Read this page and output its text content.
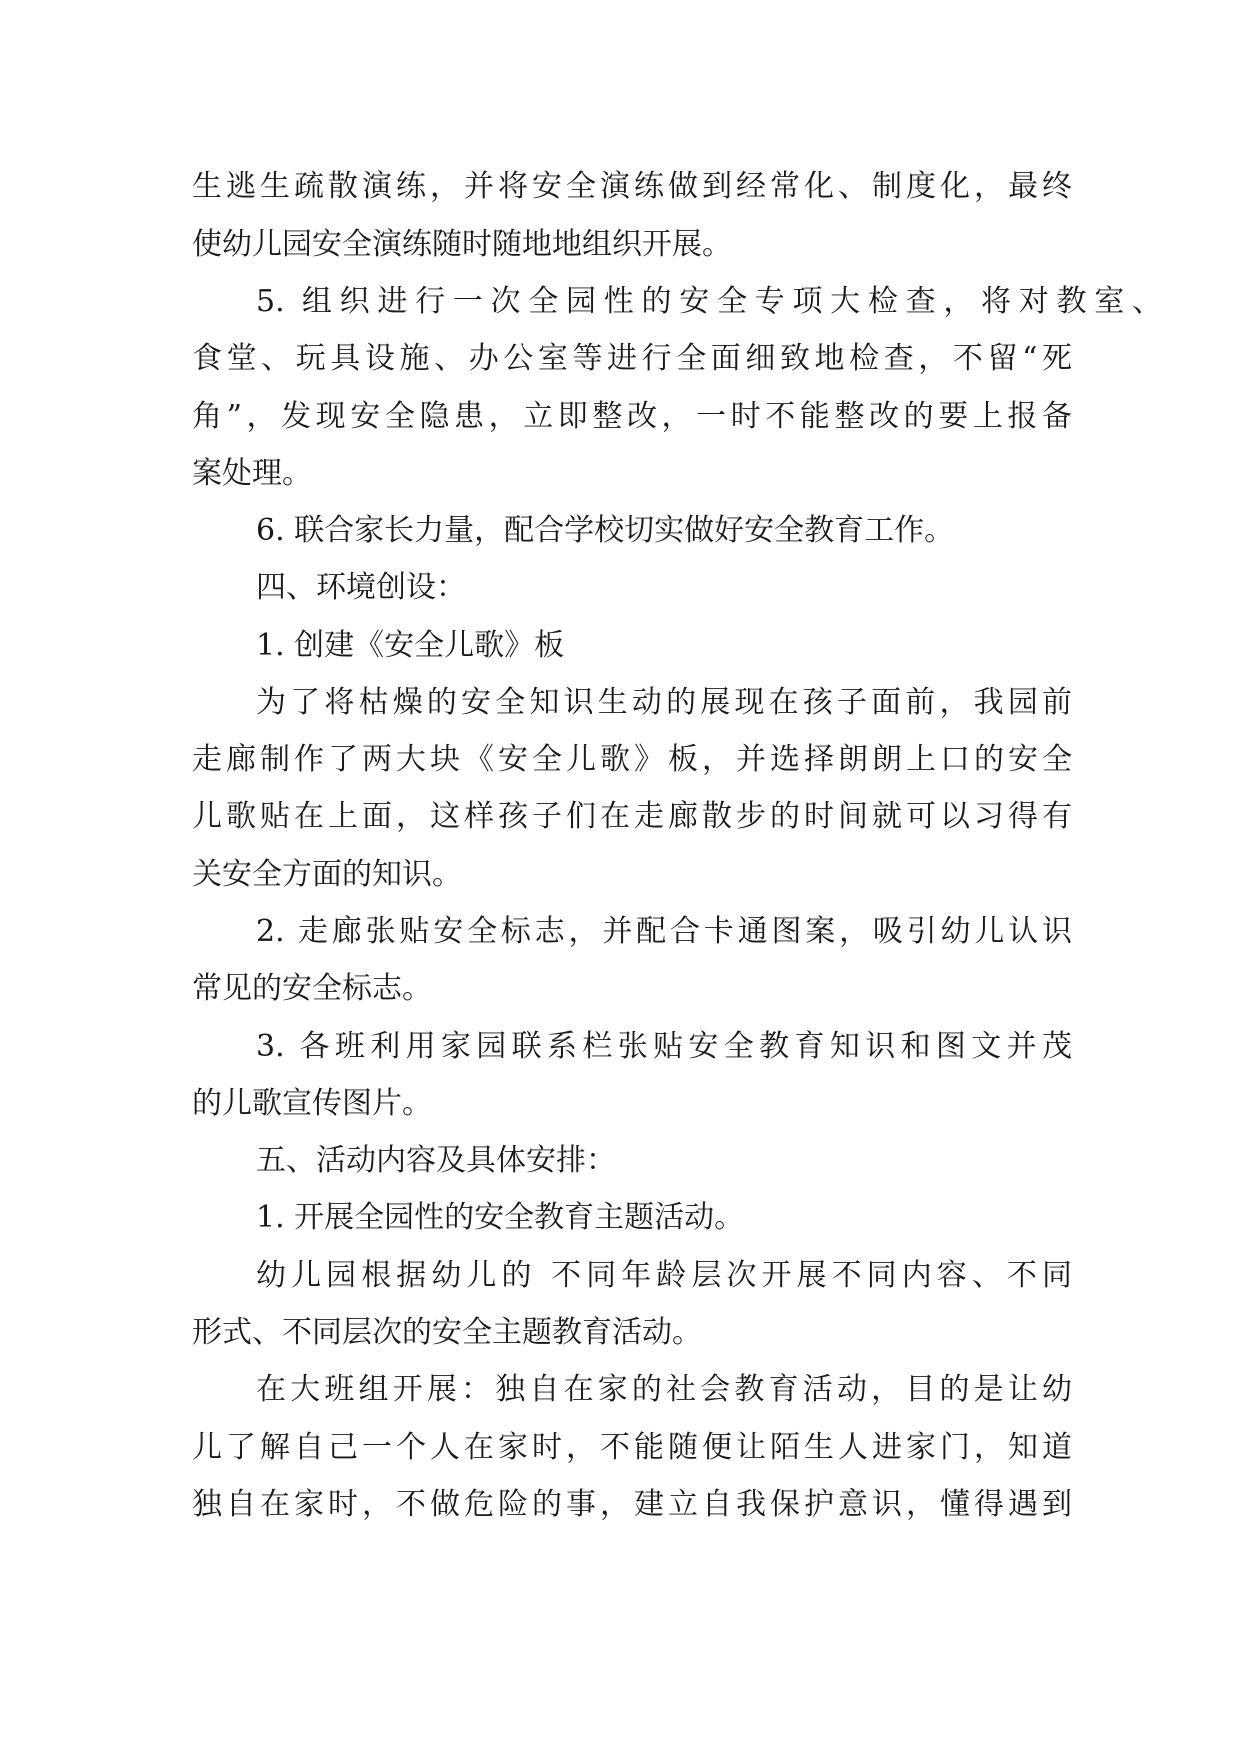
生逃生疏散演练，并将安全演练做到经常化、制度化，最终
使幼儿园安全演练随时随地地组织开展。
5. 组织进行一次全园性的安全专项大检查，将对教室、
食堂、玩具设施、办公室等进行全面细致地检查，不留“死
角”，发现安全隐患，立即整改，一时不能整改的要上报备
案处理。
6. 联合家长力量，配合学校切实做好安全教育工作。
四、环境创设：
1. 创建《安全儿歌》板
为了将枯燥的安全知识生动的展现在孩子面前，我园前
走廊制作了两大块《安全儿歌》板，并选择朗朗上口的安全
儿歌贴在上面，这样孩子们在走廊散步的时间就可以习得有
关安全方面的知识。
2. 走廊张贴安全标志，并配合卡通图案，吸引幼儿认识
常见的安全标志。
3. 各班利用家园联系栏张贴安全教育知识和图文并茂
的儿歌宣传图片。
五、活动内容及具体安排：
1. 开展全园性的安全教育主题活动。
幼儿园根据幼儿的 不同年龄层次开展不同内容、不同
形式、不同层次的安全主题教育活动。
在大班组开展：独自在家的社会教育活动，目的是让幼
儿了解自己一个人在家时，不能随便让陌生人进家门，知道
独自在家时，不做危险的事，建立自我保护意识，懂得遇到
